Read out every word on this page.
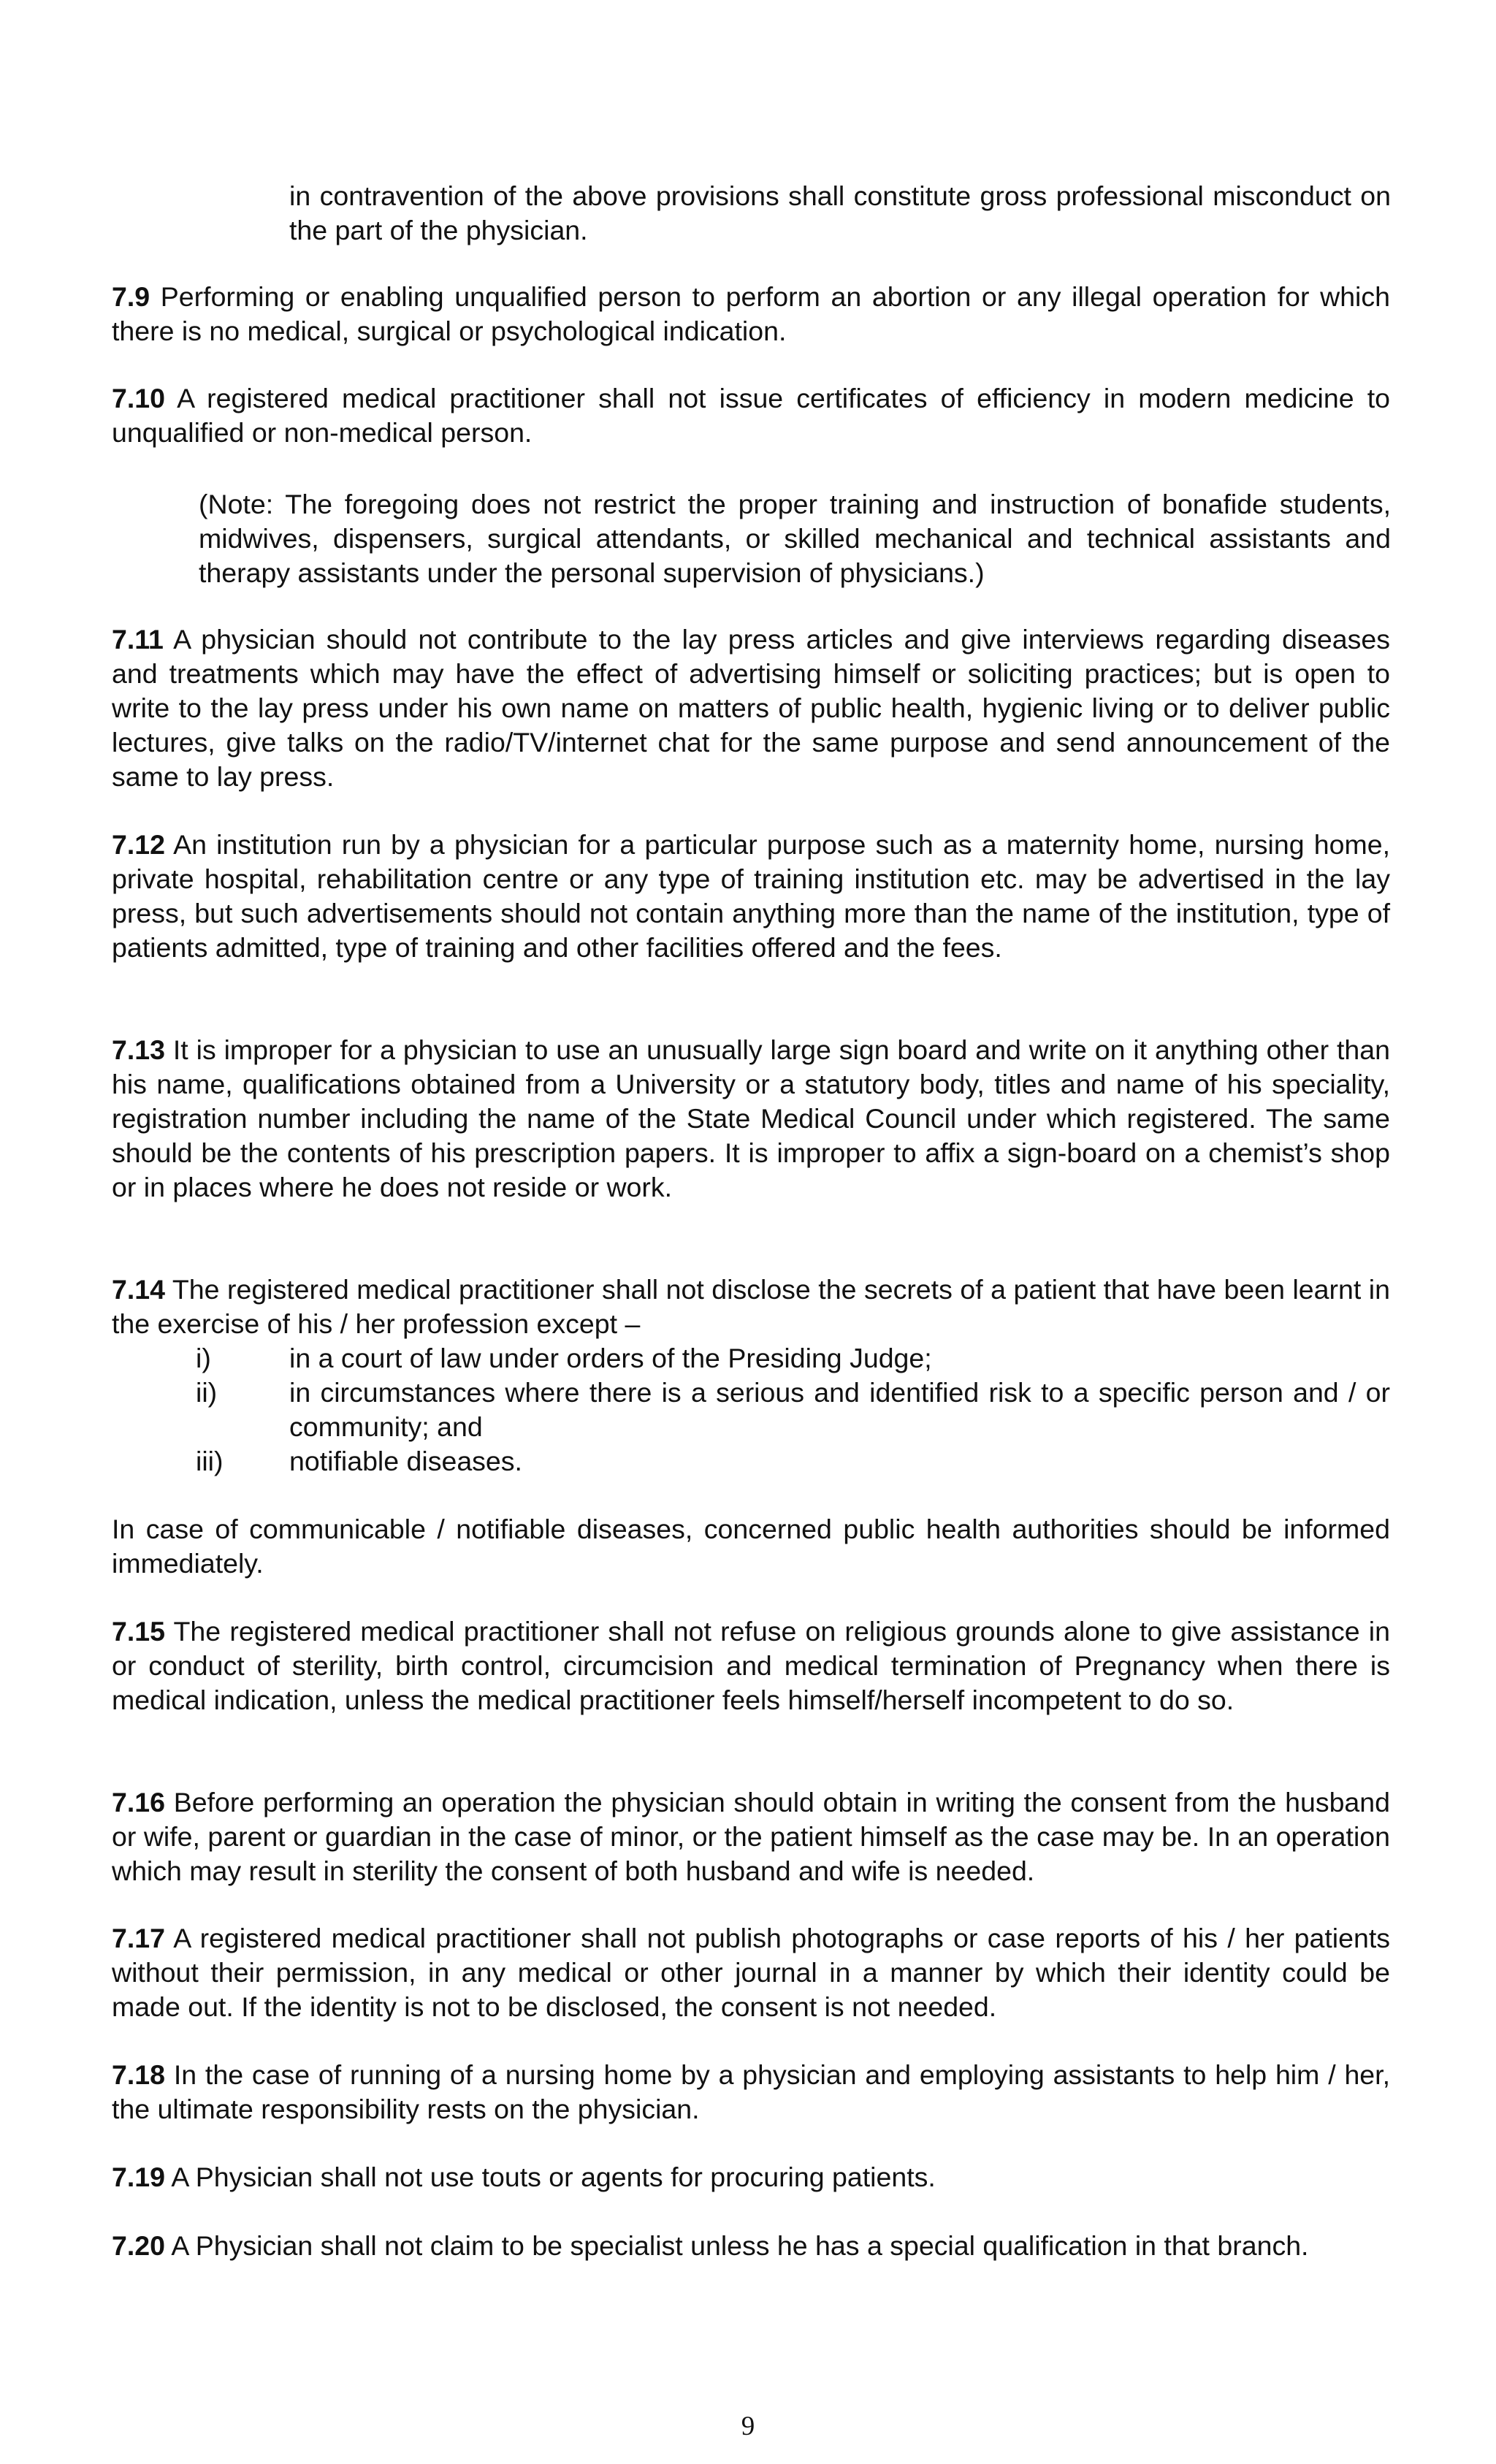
in contravention of the above provisions shall constitute gross professional misconduct on the part of the physician.

7.9 Performing or enabling unqualified person to perform an abortion or any illegal operation for which there is no medical, surgical or psychological indication.

7.10 A registered medical practitioner shall not issue certificates of efficiency in modern medicine to unqualified or non-medical person.

(Note: The foregoing does not restrict the proper training and instruction of bonafide students, midwives, dispensers, surgical attendants, or skilled mechanical and technical assistants and therapy assistants under the personal supervision of physicians.)

7.11 A physician should not contribute to the lay press articles and give interviews regarding diseases and treatments which may have the effect of advertising himself or soliciting practices; but is open to write to the lay press under his own name on matters of public health, hygienic living or to deliver public lectures, give talks on the radio/TV/internet chat for the same purpose and send announcement of the same to lay press.

7.12 An institution run by a physician for a particular purpose such as a maternity home, nursing home, private hospital, rehabilitation centre or any type of training institution etc. may be advertised in the lay press, but such advertisements should not contain anything more than the name of the institution, type of patients admitted, type of training and other facilities offered and the fees.

7.13 It is improper for a physician to use an unusually large sign board and write on it anything other than his name, qualifications obtained from a University or a statutory body, titles and name of his speciality, registration number including the name of the State Medical Council under which registered. The same should be the contents of his prescription papers. It is improper to affix a sign-board on a chemist’s shop or in places where he does not reside or work.

7.14 The registered medical practitioner shall not disclose the secrets of a patient that have been learnt in the exercise of his / her profession except –

i)	in a court of law under orders of the Presiding Judge;
ii)	in circumstances where there is a serious and identified risk to a specific person and / or community; and
iii) notifiable diseases.

In case of communicable / notifiable diseases, concerned public health authorities should be informed immediately.

7.15 The registered medical practitioner shall not refuse on religious grounds alone to give assistance in or conduct of sterility, birth control, circumcision and medical termination of Pregnancy when there is medical indication, unless the medical practitioner feels himself/herself incompetent to do so.

7.16 Before performing an operation the physician should obtain in writing the consent from the husband or wife, parent or guardian in the case of minor, or the patient himself as the case may be. In an operation which may result in sterility the consent of both husband and wife is needed.

7.17 A registered medical practitioner shall not publish photographs or case reports of his / her patients without their permission, in any medical or other journal in a manner by which their identity could be made out. If the identity is not to be disclosed, the consent is not needed.

7.18 In the case of running of a nursing home by a physician and employing assistants to help him / her, the ultimate responsibility rests on the physician.

7.19 A Physician shall not use touts or agents for procuring patients.

7.20 A Physician shall not claim to be specialist unless he has a special qualification in that branch.

9
